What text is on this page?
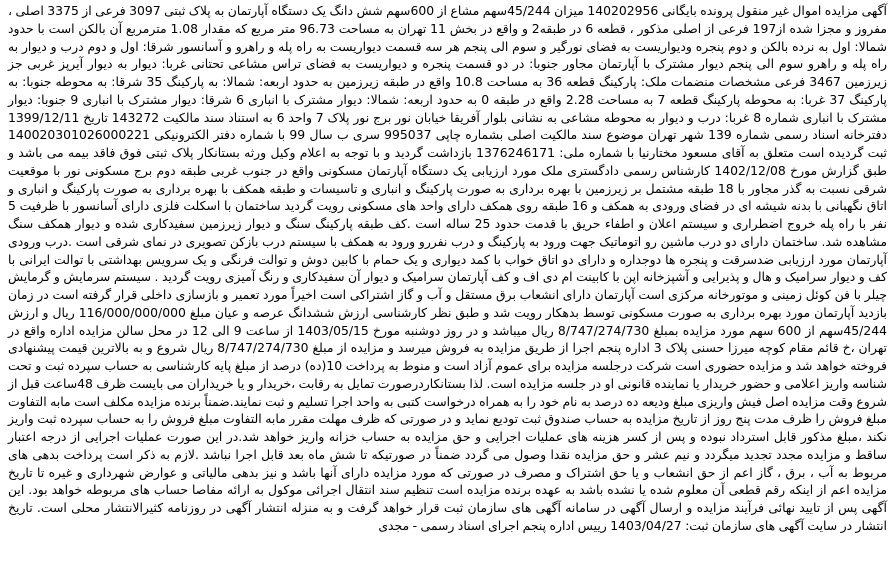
آگهی مزایده اموال غیر منقول پرونده بایگانی 140202956 میزان 45/244سهم مشاع از 600سهم شش دانگ یک دستگاه آپارتمان به پلاک ثبتی 3097 فرعی از 3375 اصلی ، مفروز و مجزا شده از197 فرعی از اصلی مذکور ، قطعه 6 در طبقه2 و واقع در بخش 11 تهران به مساحت 96.73 متر مربع که مقدار 1.08 مترمربع آن بالکن است با حدود شمالا: اول به نرده بالکن و دوم پنجره ودیواریست به فضای نورگیر و سوم الی پنجم هر سه قسمت دیواریست به راه پله و راهرو و آسانسور شرقا: اول و دوم درب و دیوار به راه پله و راهرو سوم الی پنجم دیوار مشترک با آپارتمان مجاور جنوبا: در دو قسمت پنجره و دیواریست به فضای تراس مشاعی تحتانی غربا: دیوار به دیوار آیرپز غربی جز زیرزمین 3467 فرعی مشخصات منضمات ملک: پارکینگ قطعه 36 به مساحت 10.8 واقع در طبقه زیرزمین به حدود اربعه: شمالا: به پارکینگ 35 شرقا: به محوطه جنوبا: به پارکینگ 37 غربا: به محوطه پارکینگ قطعه 7 به مساحت 2.28 واقع در طبقه 0 به حدود اربعه: شمالا: دیوار مشترک با انباری 6 شرقا: دیوار مشترک با انباری 9 جنوبا: دیوار مشترک با انباری شماره 8 غربا: درب و دیوار به محوطه مشاعی به نشانی بلوار آفریقا خیابان نور برج نور پلاک 7 واحد 6 به استناد سند مالکیت 143272 تاریخ 1399/12/11 دفترخانه اسناد رسمی شماره 139 شهر تهران موضوع سند مالکیت اصلی بشماره چاپی 995037 سری ب سال 99 با شماره دفتر الکترونیکی 140020301026000221 ثبت گردیده است متعلق به آقای مسعود مختارنیا با شماره ملی: 1376246171 بازداشت گردید و با توجه به اعلام وکیل ورثه بستانکار پلاک ثبتی فوق فاقد بیمه می باشد و طبق گزارش مورخ 1402/12/08 کارشناس رسمی دادگستری ملک مورد ارزیابی یک دستگاه آپارتمان مسکونی واقع در جنوب غربی طبقه دوم برج مسکونی نور با موقعیت شرقی نسبت به گذر مجاور با 18 طبقه مشتمل بر زیرزمین با بهره برداری به صورت پارکینگ و انباری و تاسیسات و طبقه همکف با بهره برداری به صورت پارکینگ و انباری و اتاق نگهبانی با بدنه شیشه ای در فضای ورودی به همکف و 16 طبقه روی همکف دارای واحد های مسکونی رویت گردید ساختمان با اسکلت فلزی دارای آسانسور با ظرفیت 5 نفر با راه پله خروج اضطراری و سیستم اعلان و اطفاء حریق با قدمت حدود 25 ساله است .کف طبقه پارکینگ سنگ و دیوار زیرزمین سفیدکاری شده و دیوار همکف سنگ مشاهده شد. ساختمان دارای دو درب ماشین رو اتوماتیک جهت ورود به پارکینگ و درب نفررو ورود به همکف با سیستم درب بازکن تصویری در نمای شرقی است .درب ورودی آپارتمان مورد ارزیابی ضدسرقت و پنجره ها دوجداره و دارای دو اتاق خواب با کمد دیواری و یک حمام با کابین دوش و توالت فرنگی و یک سرویس بهداشتی با توالت ایرانی با کف و دیوار سرامیک و هال و پذیرایی و آشپزخانه اپن با کابینت ام دی اف و کف آپارتمان سرامیک و دیوار آن سفیدکاری و رنگ آمیزی رویت گردید . سیستم سرمایش و گرمایش چیلر با فن کوئل زمینی و موتورخانه مرکزی است آپارتمان دارای انشعاب برق مستقل و آب و گاز اشتراکی است اخیراً مورد تعمیر و بازسازی داخلی قرار گرفته است در زمان بازدید آپارتمان مورد بهره برداری به صورت مسکونی توسط بدهکار رویت شد و طبق نظر کارشناسی ارزش ششدانگ عرصه و عیان مبلغ 116/000/000/000 ریال و ارزش 45/244سهم از 600 سهم مورد مزایده بمبلغ 8/747/274/730 ریال میباشد و در روز دوشنبه مورخ 1403/05/15 از ساعت 9 الی 12 در محل سالن مزایده اداره واقع در تهران ،خ قائم مقام کوچه میرزا حسنی پلاک 3 اداره پنجم اجرا از طریق مزایده به فروش میرسد و مزایده از مبلغ 8/747/274/730 ریال شروع و به بالاترین قیمت پیشنهادی فروخته خواهد شد و مزایده حضوری است شرکت درجلسه مزایده برای عموم آزاد است و منوط به پرداخت 10(ده) درصد از مبلغ پایه کارشناسی به حساب سپرده ثبت و تحت شناسه واریز اعلامی و حضور خریدار یا نماینده قانونی او در جلسه مزایده است. لذا بستانکاردرصورت تمایل به رقابت ،خریدار و یا خریداران می بایست ظرف 48ساعت قبل از شروع وقت مزایده اصل فیش واریزی مبلغ ودیعه ده درصد به نام خود را به همراه درخواست کتبی به واحد اجرا تسلیم و ثبت نمایند.ضمناً برنده مزایده مکلف است مابه التفاوت مبلغ فروش را ظرف مدت پنج روز از تاریخ مزایده به حساب صندوق ثبت تودیع نماید و در صورتی که ظرف مهلت مقرر مابه التفاوت مبلغ فروش را به حساب سپرده ثبت واریز نکند ،مبلغ مذکور قابل استرداد نبوده و پس از کسر هزینه های عملیات اجرایی و حق مزایده به حساب خزانه واریز خواهد شد.در این صورت عملیات اجرایی از درجه اعتبار ساقط و مزایده مجدد تجدید میگردد و نیم عشر و حق مزایده نقدا وصول می گردد ضمناً در صورتیکه تا شش ماه بعد قابل اجرا نباشد .لازم به ذکر است پرداخت بدهی های مربوط به آب ، برق ، گاز اعم از حق انشعاب و یا حق اشتراک و مصرف در صورتی که مورد مزایده دارای آنها باشد و نیز بدهی مالیاتی و عوارض شهرداری و غیره تا تاریخ مزایده اعم از اینکه رقم قطعی آن معلوم شده یا نشده باشد به عهده برنده مزایده است تنظیم سند انتقال اجرائی موکول به ارائه مفاصا حساب های مربوطه خواهد بود. این آگهی پس از تایید نهائی فرآیند مزایده و ارسال آگهی در سامانه آگهی های سازمان ثبت قرار خواهد گرفت و به منزله انتشار آگهی در روزنامه کثیرالانتشار محلی است. تاریخ انتشار در سایت آگهی های سازمان ثبت: 1403/04/27 رییس اداره پنجم اجرای اسناد رسمی - مجدی
